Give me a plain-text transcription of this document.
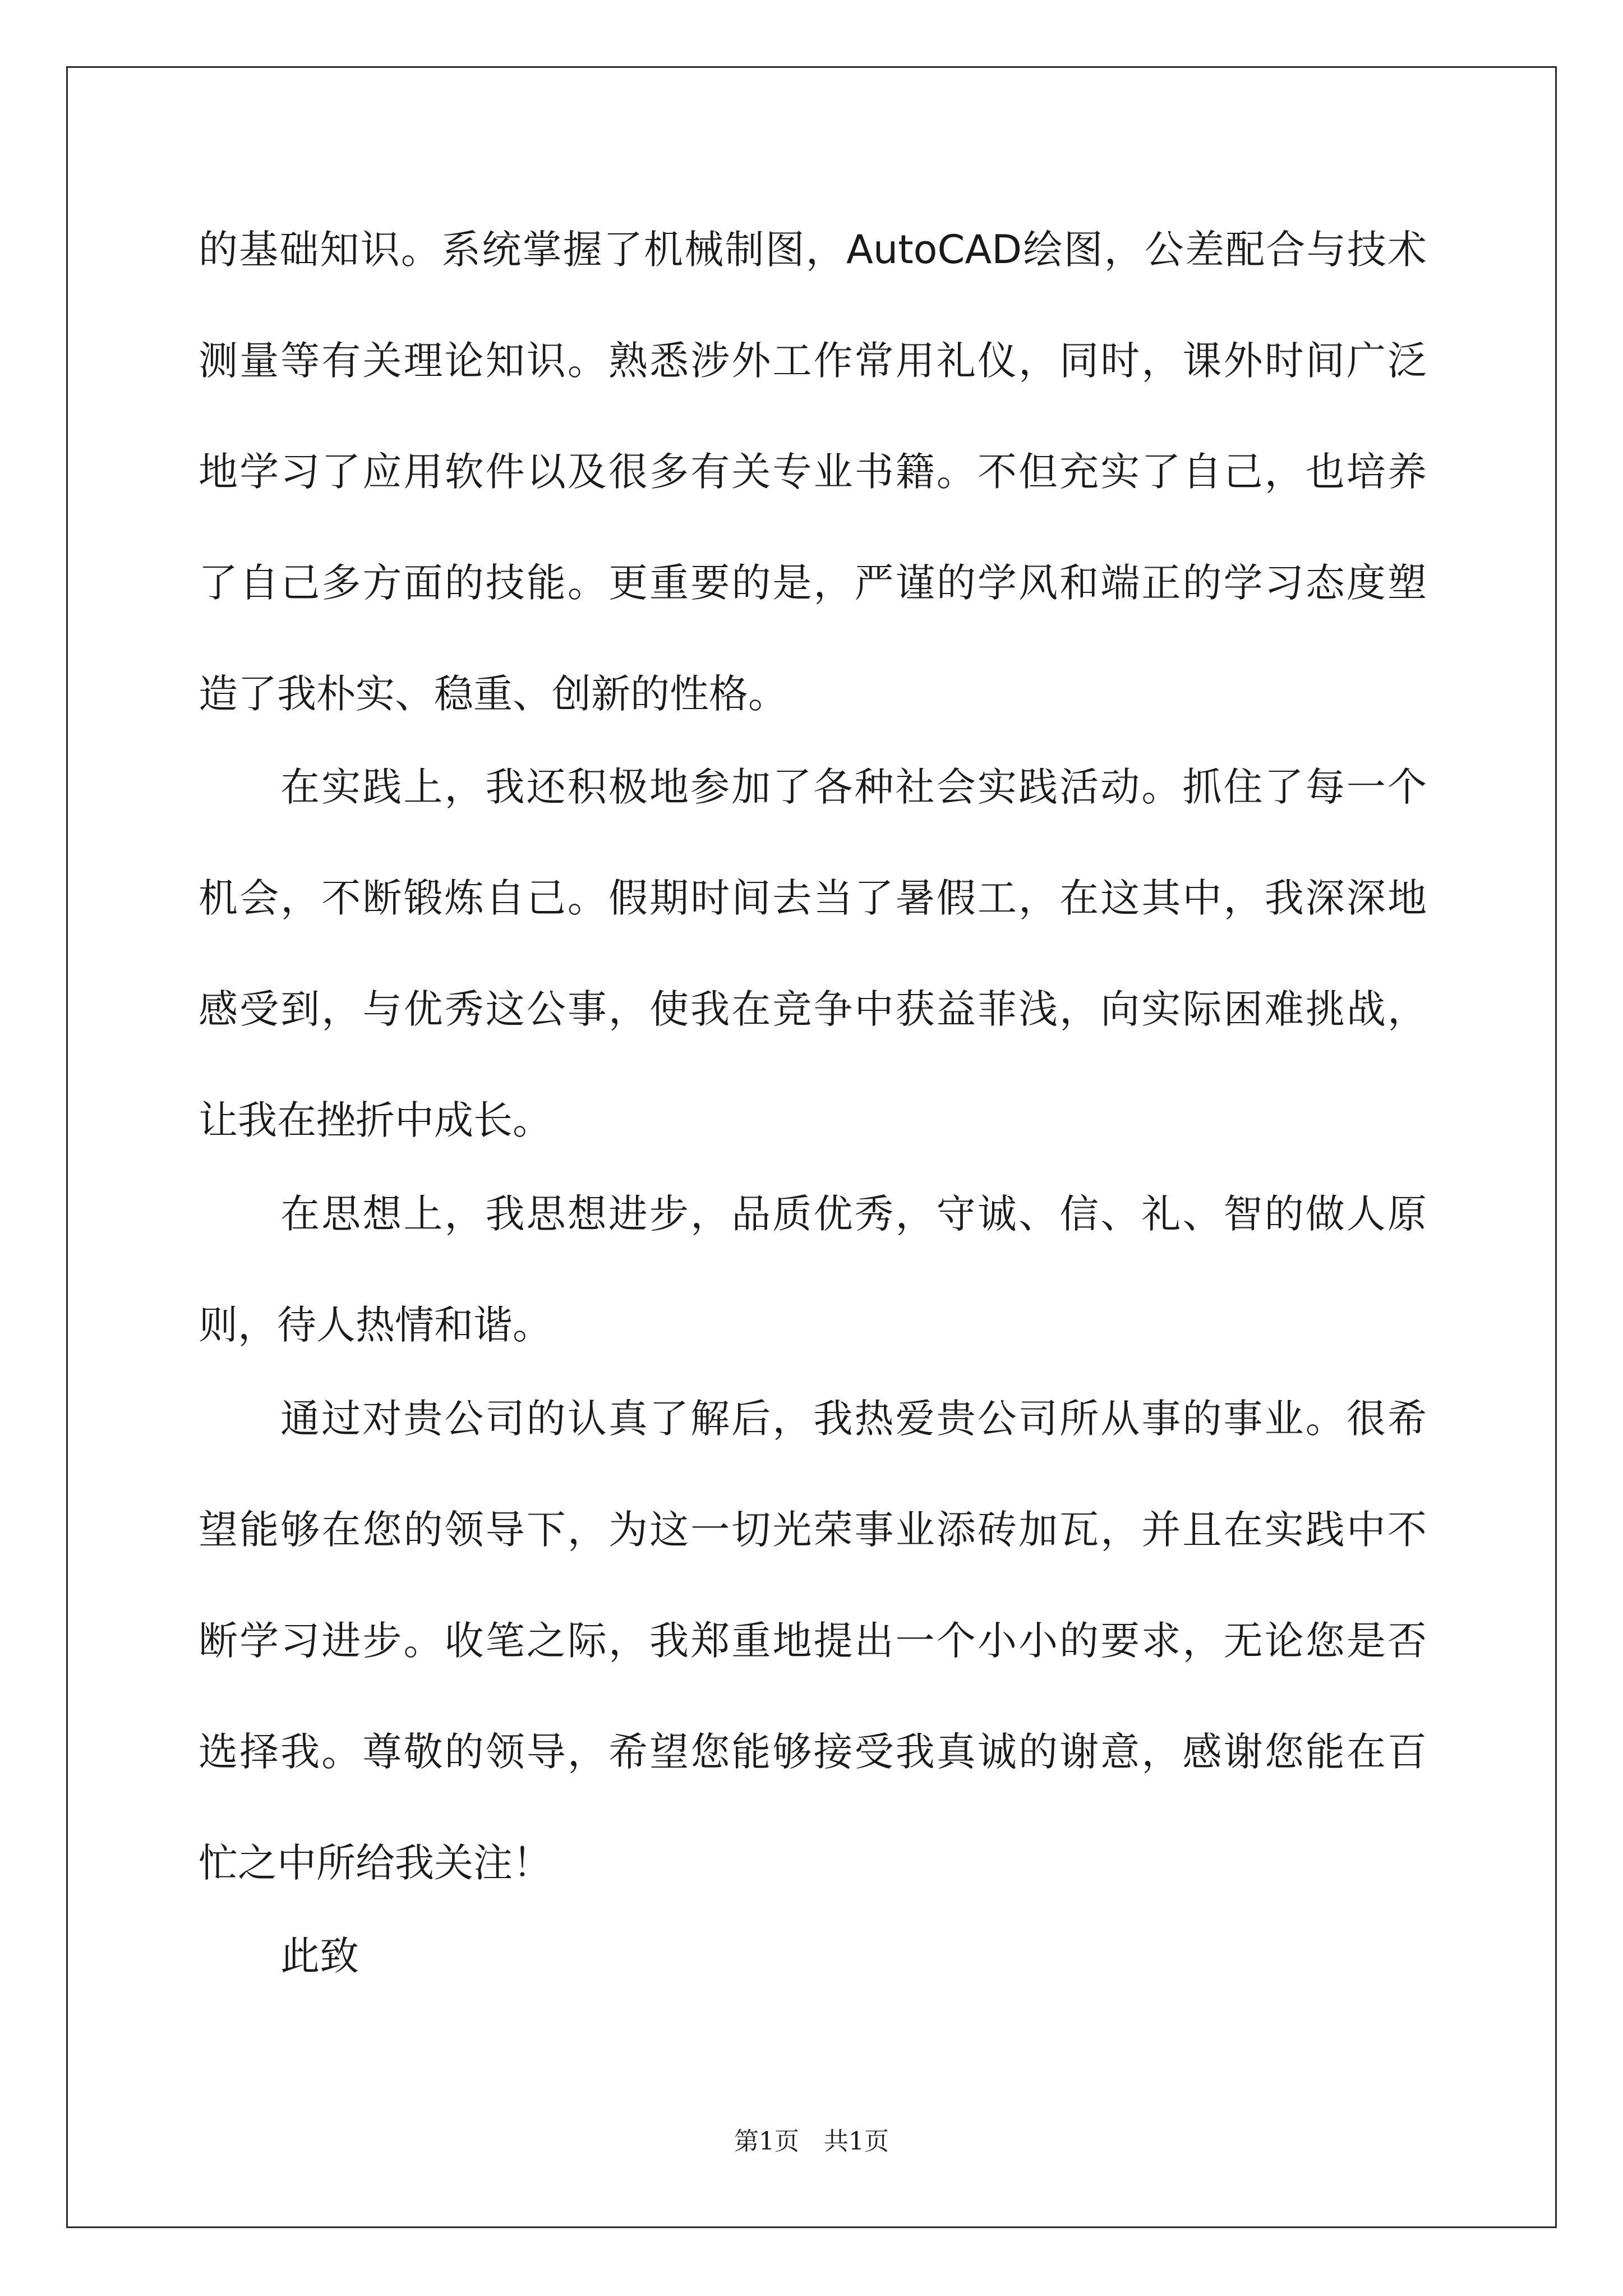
的基础知识。系统掌握了机械制图，AutoCAD绘图，公差配合与技术
测量等有关理论知识。熟悉涉外工作常用礼仪，同时，课外时间广泛
地学习了应用软件以及很多有关专业书籍。不但充实了自己，也培养
了自己多方面的技能。更重要的是，严谨的学风和端正的学习态度塑
造了我朴实、稳重、创新的性格。
在实践上，我还积极地参加了各种社会实践活动。抓住了每一个
机会，不断锻炼自己。假期时间去当了暑假工，在这其中，我深深地
感受到，与优秀这公事，使我在竞争中获益菲浅，向实际困难挑战，
让我在挫折中成长。
在思想上，我思想进步，品质优秀，守诚、信、礼、智的做人原
则，待人热情和谐。
通过对贵公司的认真了解后，我热爱贵公司所从事的事业。很希
望能够在您的领导下，为这一切光荣事业添砖加瓦，并且在实践中不
断学习进步。收笔之际，我郑重地提出一个小小的要求，无论您是否
选择我。尊敬的领导，希望您能够接受我真诚的谢意，感谢您能在百
忙之中所给我关注！
此致
第1页　共1页
